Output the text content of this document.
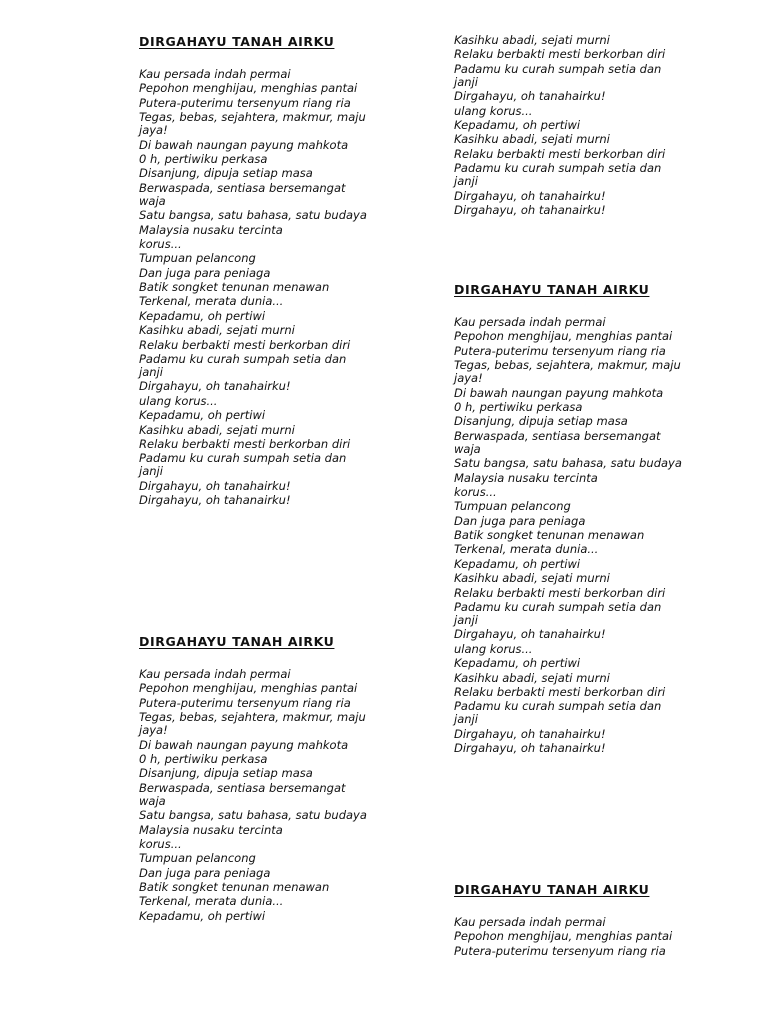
DIRGAHAYU TANAH AIRKU

Kau persada indah permai

Pepohon menghijau, menghias pantai

Putera-puterimu tersenyum riang ria

Tegas, bebas, sejahtera, makmur, maju jaya!

Di bawah naungan payung mahkota

0 h, pertiwiku perkasa

Disanjung, dipuja setiap masa

Berwaspada, sentiasa bersemangat waja

Satu bangsa, satu bahasa, satu budaya

Malaysia nusaku tercinta

korus...

Tumpuan pelancong

Dan juga para peniaga

Batik songket tenunan menawan

Terkenal, merata dunia...

Kepadamu, oh pertiwi

Kasihku abadi, sejati murni

Relaku berbakti mesti berkorban diri

Padamu ku curah sumpah setia dan janji

Dirgahayu, oh tanahairku!

ulang korus...

Kepadamu, oh pertiwi

Kasihku abadi, sejati murni

Relaku berbakti mesti berkorban diri

Padamu ku curah sumpah setia dan janji

Dirgahayu, oh tanahairku!

Dirgahayu, oh tahanairku!

DIRGAHAYU TANAH AIRKU

Kau persada indah permai

Pepohon menghijau, menghias pantai

Putera-puterimu tersenyum riang ria

Tegas, bebas, sejahtera, makmur, maju jaya!

Di bawah naungan payung mahkota

0 h, pertiwiku perkasa

Disanjung, dipuja setiap masa

Berwaspada, sentiasa bersemangat waja

Satu bangsa, satu bahasa, satu budaya

Malaysia nusaku tercinta

korus...

Tumpuan pelancong

Dan juga para peniaga

Batik songket tenunan menawan

Terkenal, merata dunia...

Kepadamu, oh pertiwi

Kasihku abadi, sejati murni

Relaku berbakti mesti berkorban diri

Padamu ku curah sumpah setia dan janji

Dirgahayu, oh tanahairku!

ulang korus...

Kepadamu, oh pertiwi

Kasihku abadi, sejati murni

Relaku berbakti mesti berkorban diri

Padamu ku curah sumpah setia dan janji

Dirgahayu, oh tanahairku!

Dirgahayu, oh tahanairku!

DIRGAHAYU TANAH AIRKU

Kau persada indah permai

Pepohon menghijau, menghias pantai

Putera-puterimu tersenyum riang ria

Tegas, bebas, sejahtera, makmur, maju jaya!

Di bawah naungan payung mahkota

0 h, pertiwiku perkasa

Disanjung, dipuja setiap masa

Berwaspada, sentiasa bersemangat waja

Satu bangsa, satu bahasa, satu budaya

Malaysia nusaku tercinta

korus...

Tumpuan pelancong

Dan juga para peniaga

Batik songket tenunan menawan

Terkenal, merata dunia...

Kepadamu, oh pertiwi

Kasihku abadi, sejati murni

Relaku berbakti mesti berkorban diri

Padamu ku curah sumpah setia dan janji

Dirgahayu, oh tanahairku!

ulang korus...

Kepadamu, oh pertiwi

Kasihku abadi, sejati murni

Relaku berbakti mesti berkorban diri

Padamu ku curah sumpah setia dan janji

Dirgahayu, oh tanahairku!

Dirgahayu, oh tahanairku!

DIRGAHAYU TANAH AIRKU

Kau persada indah permai

Pepohon menghijau, menghias pantai

Putera-puterimu tersenyum riang ria
